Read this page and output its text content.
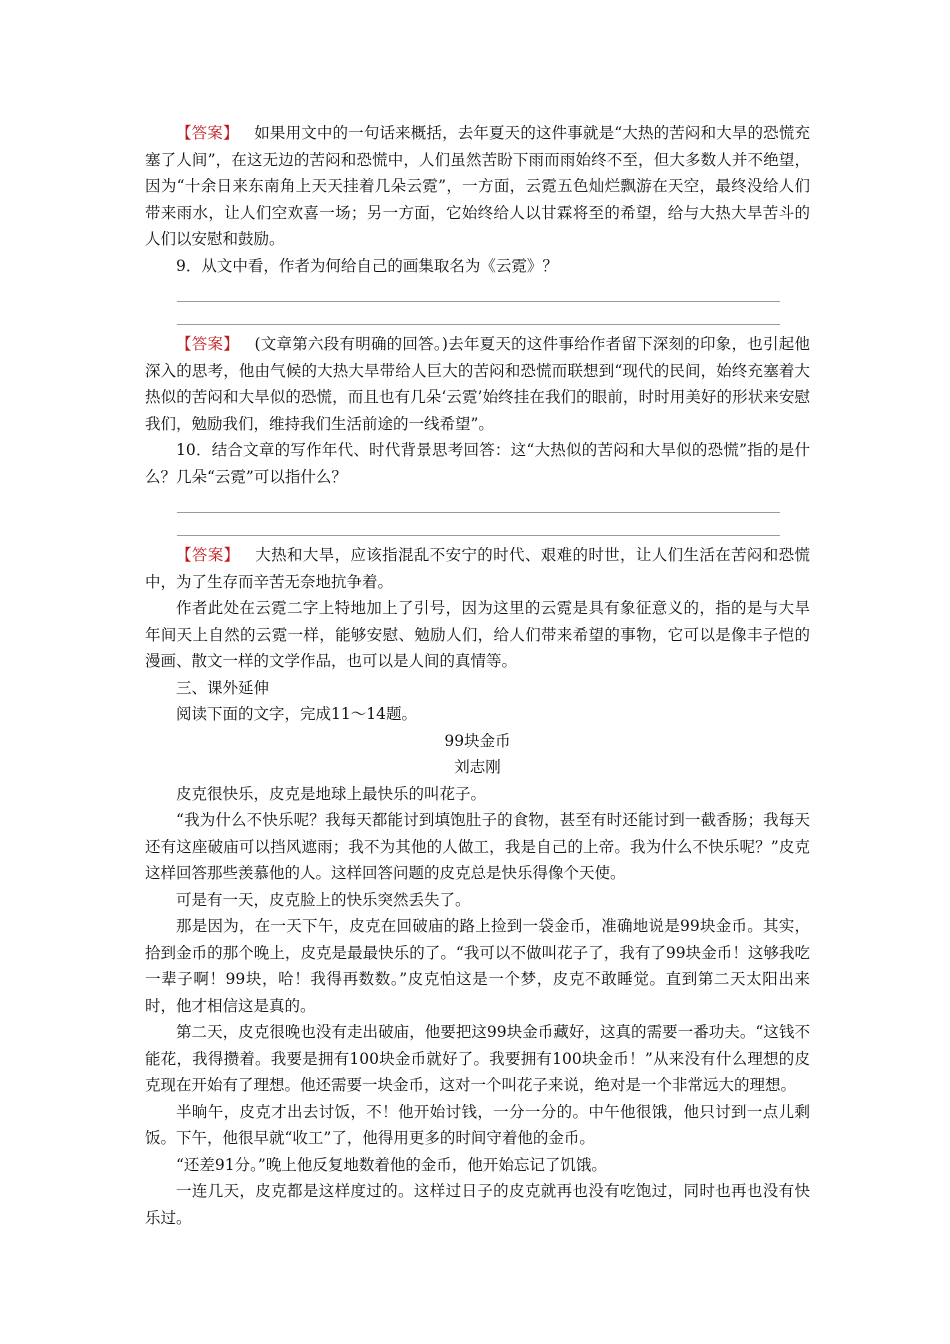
【答案】  如果用文中的一句话来概括，去年夏天的这件事就是“大热的苦闷和大旱的恐慌充塞了人间”，在这无边的苦闷和恐慌中，人们虽然苦盼下雨而雨始终不至，但大多数人并不绝望，因为“十余日来东南角上天天挂着几朵云霓”，一方面，云霓五色灿烂飘游在天空，最终没给人们带来雨水，让人们空欢喜一场；另一方面，它始终给人以甘霖将至的希望，给与大热大旱苦斗的人们以安慰和鼓励。

9．从文中看，作者为何给自己的画集取名为《云霓》？

【答案】  (文章第六段有明确的回答。)去年夏天的这件事给作者留下深刻的印象，也引起他深入的思考，他由气候的大热大旱带给人巨大的苦闷和恐慌而联想到“现代的民间，始终充塞着大热似的苦闷和大旱似的恐慌，而且也有几朵‘云霓’始终挂在我们的眼前，时时用美好的形状来安慰我们，勉励我们，维持我们生活前途的一线希望”。

10．结合文章的写作年代、时代背景思考回答：这“大热似的苦闷和大旱似的恐慌”指的是什么？几朵“云霓”可以指什么？

【答案】  大热和大旱，应该指混乱不安宁的时代、艰难的时世，让人们生活在苦闷和恐慌中，为了生存而辛苦无奈地抗争着。

作者此处在云霓二字上特地加上了引号，因为这里的云霓是具有象征意义的，指的是与大旱年间天上自然的云霓一样，能够安慰、勉励人们，给人们带来希望的事物，它可以是像丰子恺的漫画、散文一样的文学作品，也可以是人间的真情等。

三、课外延伸

阅读下面的文字，完成11～14题。

99块金币

刘志刚

皮克很快乐，皮克是地球上最快乐的叫花子。

“我为什么不快乐呢？我每天都能讨到填饱肚子的食物，甚至有时还能讨到一截香肠；我每天还有这座破庙可以挡风遮雨；我不为其他的人做工，我是自己的上帝。我为什么不快乐呢？”皮克这样回答那些羡慕他的人。这样回答问题的皮克总是快乐得像个天使。

可是有一天，皮克脸上的快乐突然丢失了。

那是因为，在一天下午，皮克在回破庙的路上捡到一袋金币，准确地说是99块金币。其实，拾到金币的那个晚上，皮克是最最快乐的了。“我可以不做叫花子了，我有了99块金币！这够我吃一辈子啊！99块，哈！我得再数数。”皮克怕这是一个梦，皮克不敢睡觉。直到第二天太阳出来时，他才相信这是真的。

第二天，皮克很晚也没有走出破庙，他要把这99块金币藏好，这真的需要一番功夫。“这钱不能花，我得攒着。我要是拥有100块金币就好了。我要拥有100块金币！”从来没有什么理想的皮克现在开始有了理想。他还需要一块金币，这对一个叫花子来说，绝对是一个非常远大的理想。

半晌午，皮克才出去讨饭，不！他开始讨钱，一分一分的。中午他很饿，他只讨到一点儿剩饭。下午，他很早就“收工”了，他得用更多的时间守着他的金币。

“还差91分。”晚上他反复地数着他的金币，他开始忘记了饥饿。

一连几天，皮克都是这样度过的。这样过日子的皮克就再也没有吃饱过，同时也再也没有快乐过。
